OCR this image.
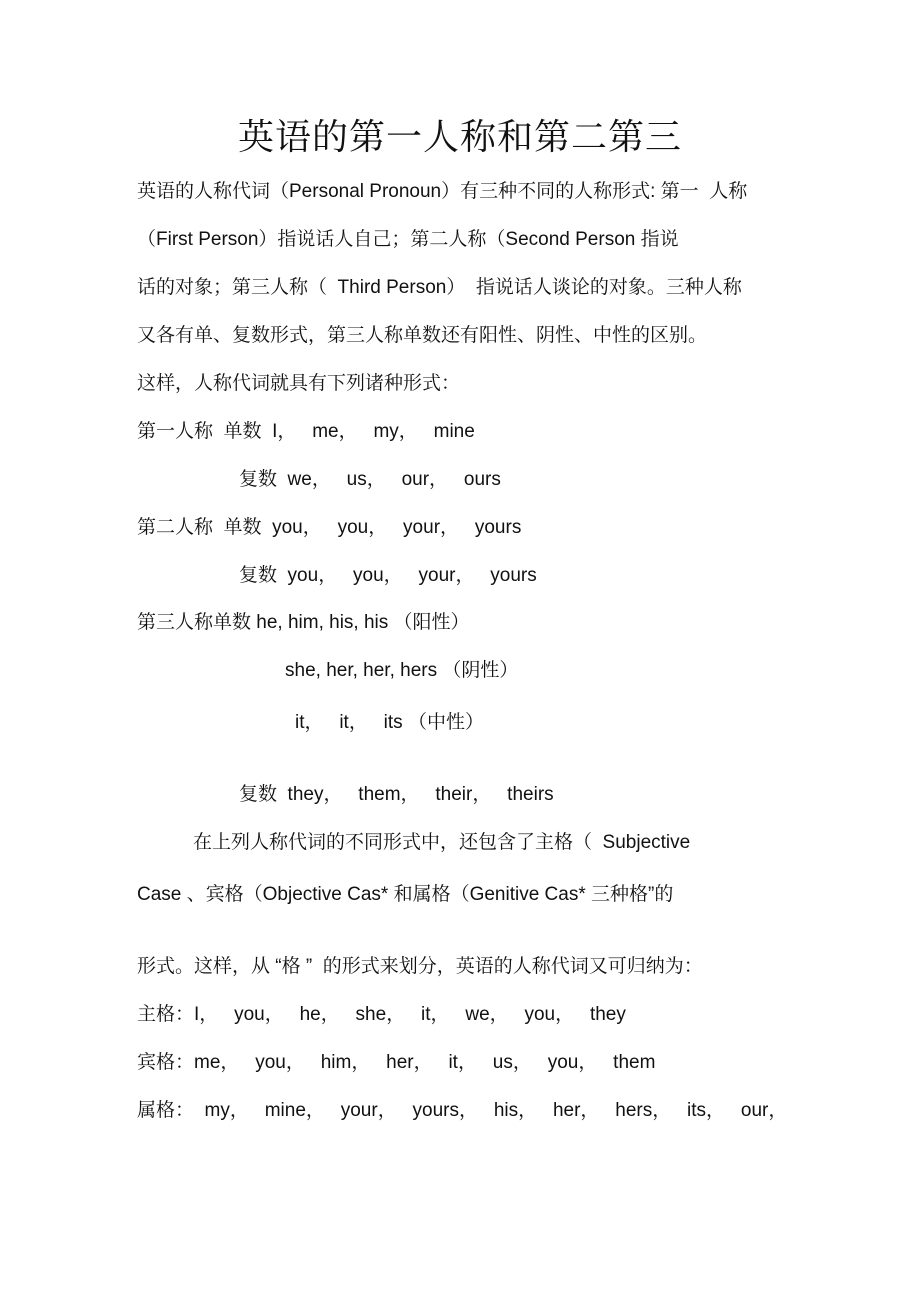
英语的第一人称和第二第三
英语的人称代词（Personal Pronoun）有三种不同的人称形式: 第一  人称
（First Person）指说话人自己；第二人称（Second Person 指说
话的对象；第三人称（  Third Person）  指说话人谈论的对象。三种人称
又各有单、复数形式，第三人称单数还有阳性、阴性、中性的区别。
这样，人称代词就具有下列诸种形式：
第一人称  单数  I，   me，   my，   mine
复数  we，   us，   our，   ours
第二人称  单数  you，   you，   your，   yours
复数  you，   you，   your，   yours
第三人称单数 he, him, his, his （阳性）
she, her, her, hers （阴性）
it，   it，   its （中性）
复数  they，   them，   their，   theirs
在上列人称代词的不同形式中，还包含了主格（  Subjective
Case 、宾格（Objective Cas* 和属格（Genitive Cas* 三种格”的
形式。这样，从 “格 ”  的形式来划分，英语的人称代词又可归纳为：
主格：I，   you，   he，   she，   it，   we，   you，   they
宾格：me，   you，   him，   her，   it，   us，   you，   them
属格：  my，   mine，   your，   yours，   his，   her，   hers，   its，   our，
